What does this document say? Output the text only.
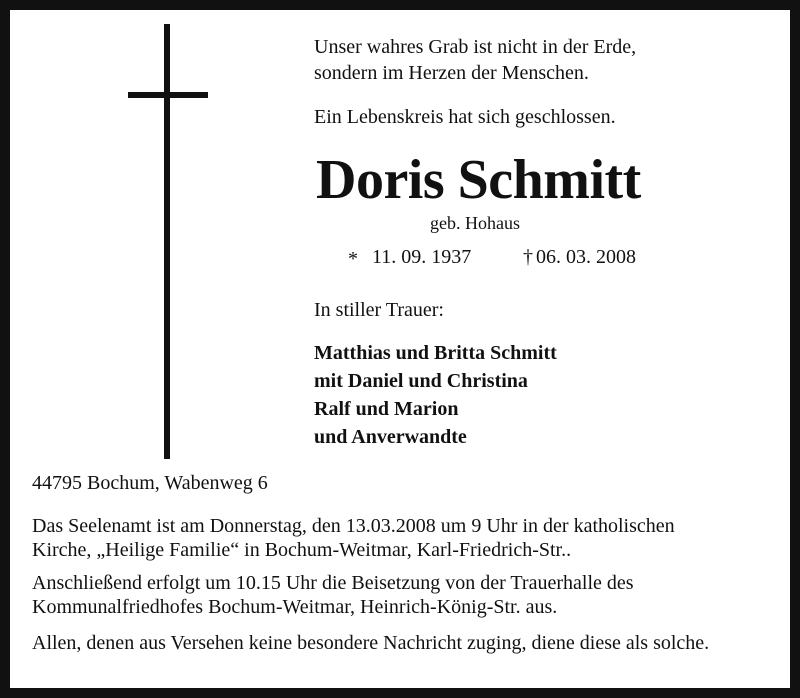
Unser wahres Grab ist nicht in der Erde,
sondern im Herzen der Menschen.
Ein Lebenskreis hat sich geschlossen.
Doris Schmitt
geb. Hohaus
* 11. 09. 1937	† 06. 03. 2008
In stiller Trauer:
Matthias und Britta Schmitt
mit Daniel und Christina
Ralf und Marion
und Anverwandte
44795 Bochum, Wabenweg 6
Das Seelenamt ist am Donnerstag, den 13.03.2008 um 9 Uhr in der katholischen
Kirche, „Heilige Familie“ in Bochum-Weitmar, Karl-Friedrich-Str..
Anschließend erfolgt um 10.15 Uhr die Beisetzung von der Trauerhalle des
Kommunalfriedhofes Bochum-Weitmar, Heinrich-König-Str. aus.
Allen, denen aus Versehen keine besondere Nachricht zuging, diene diese als solche.
